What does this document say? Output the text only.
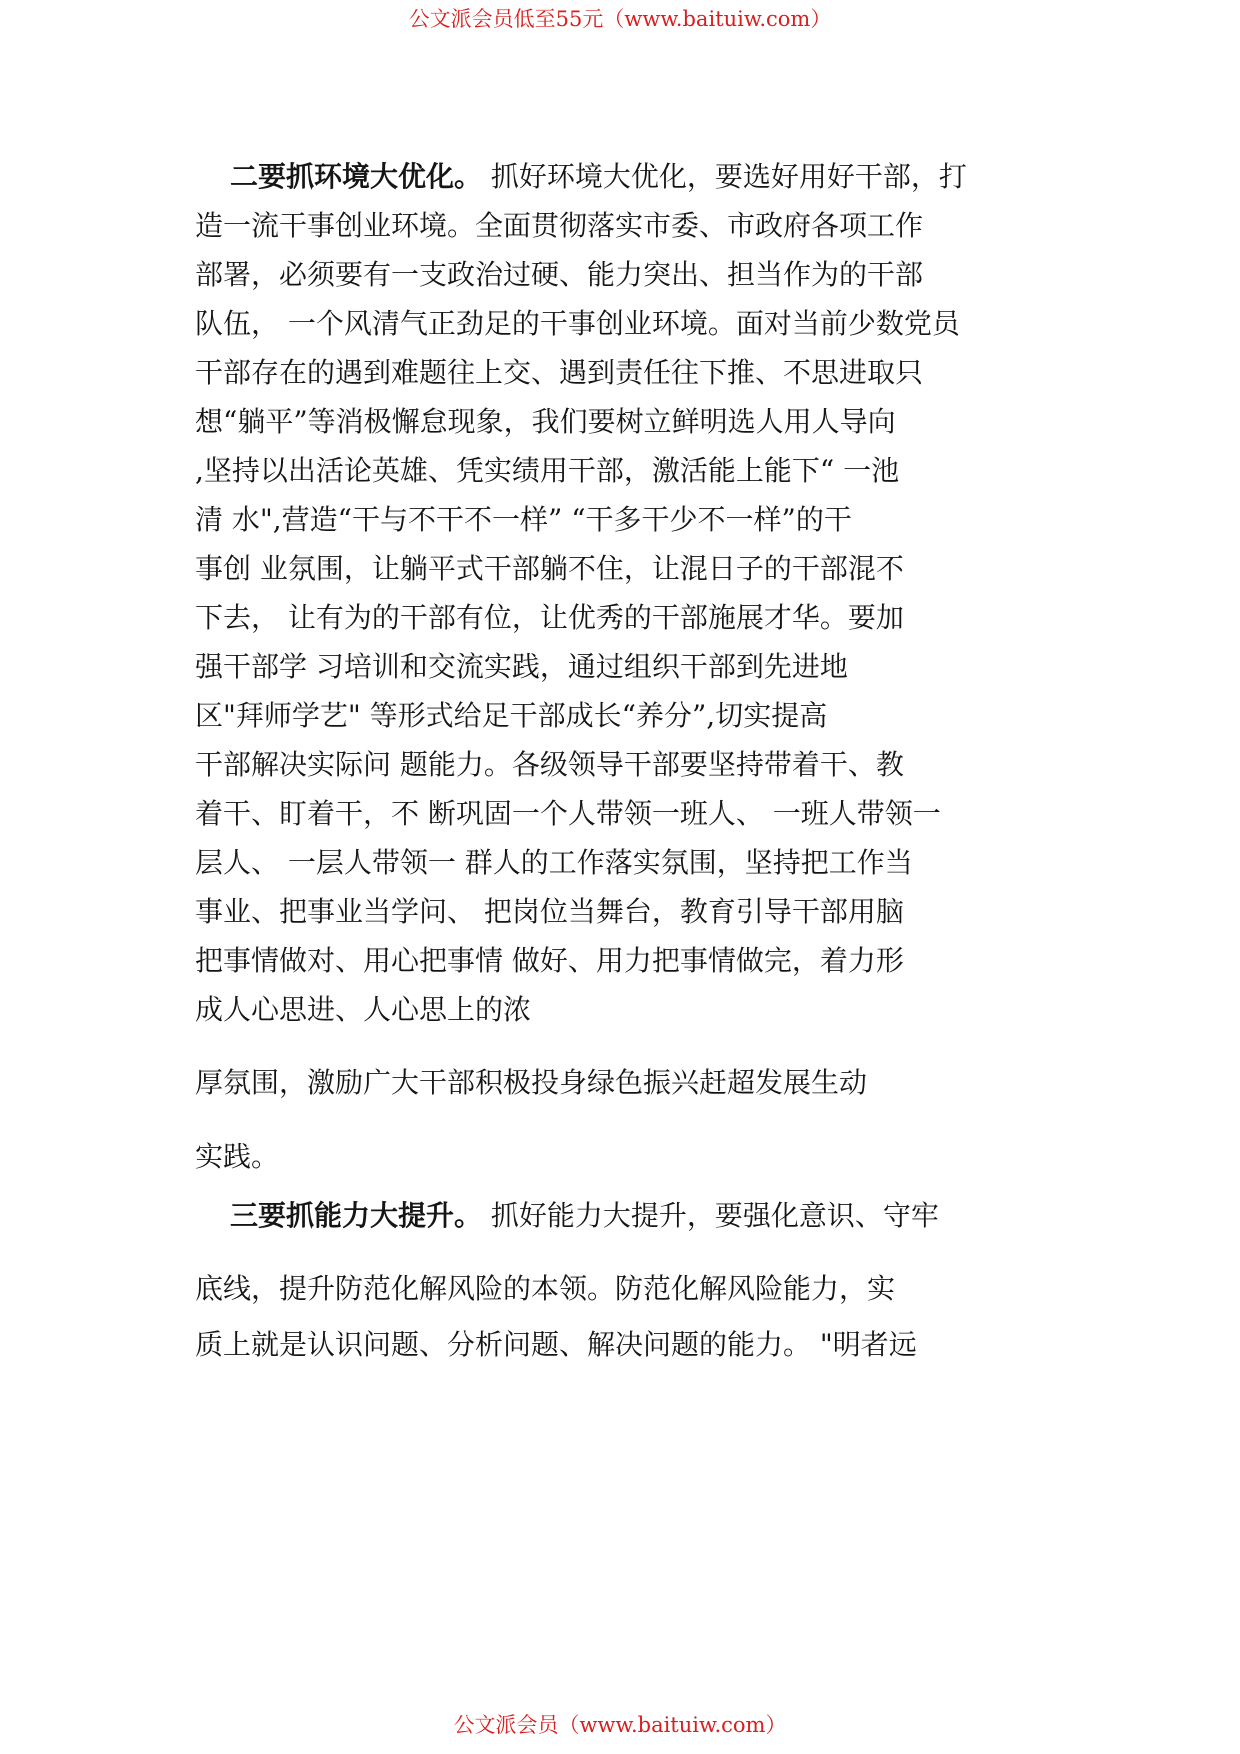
公文派会员低至55元（www.baituiw.com）
二要抓环境大优化。 抓好环境大优化，要选好用好干部，打
造一流干事创业环境。全面贯彻落实市委、市政府各项工作
部署，必须要有一支政治过硬、能力突出、担当作为的干部
队伍， 一个风清气正劲足的干事创业环境。面对当前少数党员
干部存在的遇到难题往上交、遇到责任往下推、不思进取只
想“躺平”等消极懈怠现象，我们要树立鲜明选人用人导向
,坚持以出活论英雄、凭实绩用干部，激活能上能下“ 一池
清 水",营造“干与不干不一样” “干多干少不一样”的干
事创 业氛围，让躺平式干部躺不住，让混日子的干部混不
下去， 让有为的干部有位，让优秀的干部施展才华。要加
强干部学 习培训和交流实践，通过组织干部到先进地
区"拜师学艺" 等形式给足干部成长“养分”,切实提高
干部解决实际问 题能力。各级领导干部要坚持带着干、教
着干、盯着干，不 断巩固一个人带领一班人、 一班人带领一
层人、 一层人带领一 群人的工作落实氛围，坚持把工作当
事业、把事业当学问、 把岗位当舞台，教育引导干部用脑
把事情做对、用心把事情 做好、用力把事情做完，着力形
成人心思进、人心思上的浓
厚氛围，激励广大干部积极投身绿色振兴赶超发展生动
实践。
三要抓能力大提升。 抓好能力大提升，要强化意识、守牢
底线，提升防范化解风险的本领。防范化解风险能力，实
质上就是认识问题、分析问题、解决问题的能力。 "明者远
公文派会员（www.baituiw.com）
